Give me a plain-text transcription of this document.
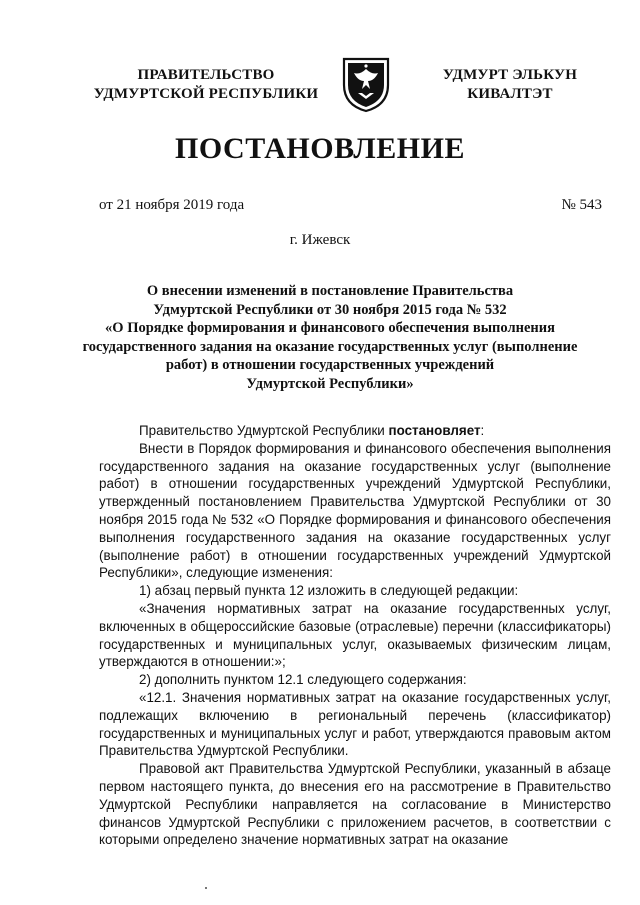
ПРАВИТЕЛЬСТВО
УДМУРТСКОЙ РЕСПУБЛИКИ
УДМУРТ ЭЛЬКУН
КИВАЛТЭТ
ПОСТАНОВЛЕНИЕ
от 21 ноября 2019 года	№ 543
г. Ижевск
О внесении изменений в постановление Правительства
Удмуртской Республики от 30 ноября 2015 года № 532
«О Порядке формирования и финансового обеспечения выполнения
государственного задания на оказание государственных услуг (выполнение
работ) в отношении государственных учреждений
Удмуртской Республики»

Правительство Удмуртской Республики постановляет:

Внести в Порядок формирования и финансового обеспечения выполнения государственного задания на оказание государственных услуг (выполнение работ) в отношении государственных учреждений Удмуртской Республики, утвержденный постановлением Правительства Удмуртской Республики от 30 ноября 2015 года № 532 «О Порядке формирования и финансового обеспечения выполнения государственного задания на оказание государственных услуг (выполнение работ) в отношении государственных учреждений Удмуртской Республики», следующие изменения:

1) абзац первый пункта 12 изложить в следующей редакции:

«Значения нормативных затрат на оказание государственных услуг, включенных в общероссийские базовые (отраслевые) перечни (классификаторы) государственных и муниципальных услуг, оказываемых физическим лицам, утверждаются в отношении:»;

2) дополнить пунктом 12.1 следующего содержания:

«12.1. Значения нормативных затрат на оказание государственных услуг, подлежащих включению в региональный перечень (классификатор) государственных и муниципальных услуг и работ, утверждаются правовым актом Правительства Удмуртской Республики.

Правовой акт Правительства Удмуртской Республики, указанный в абзаце первом настоящего пункта, до внесения его на рассмотрение в Правительство Удмуртской Республики направляется на согласование в Министерство финансов Удмуртской Республики с приложением расчетов, в соответствии с которыми определено значение нормативных затрат на оказание
